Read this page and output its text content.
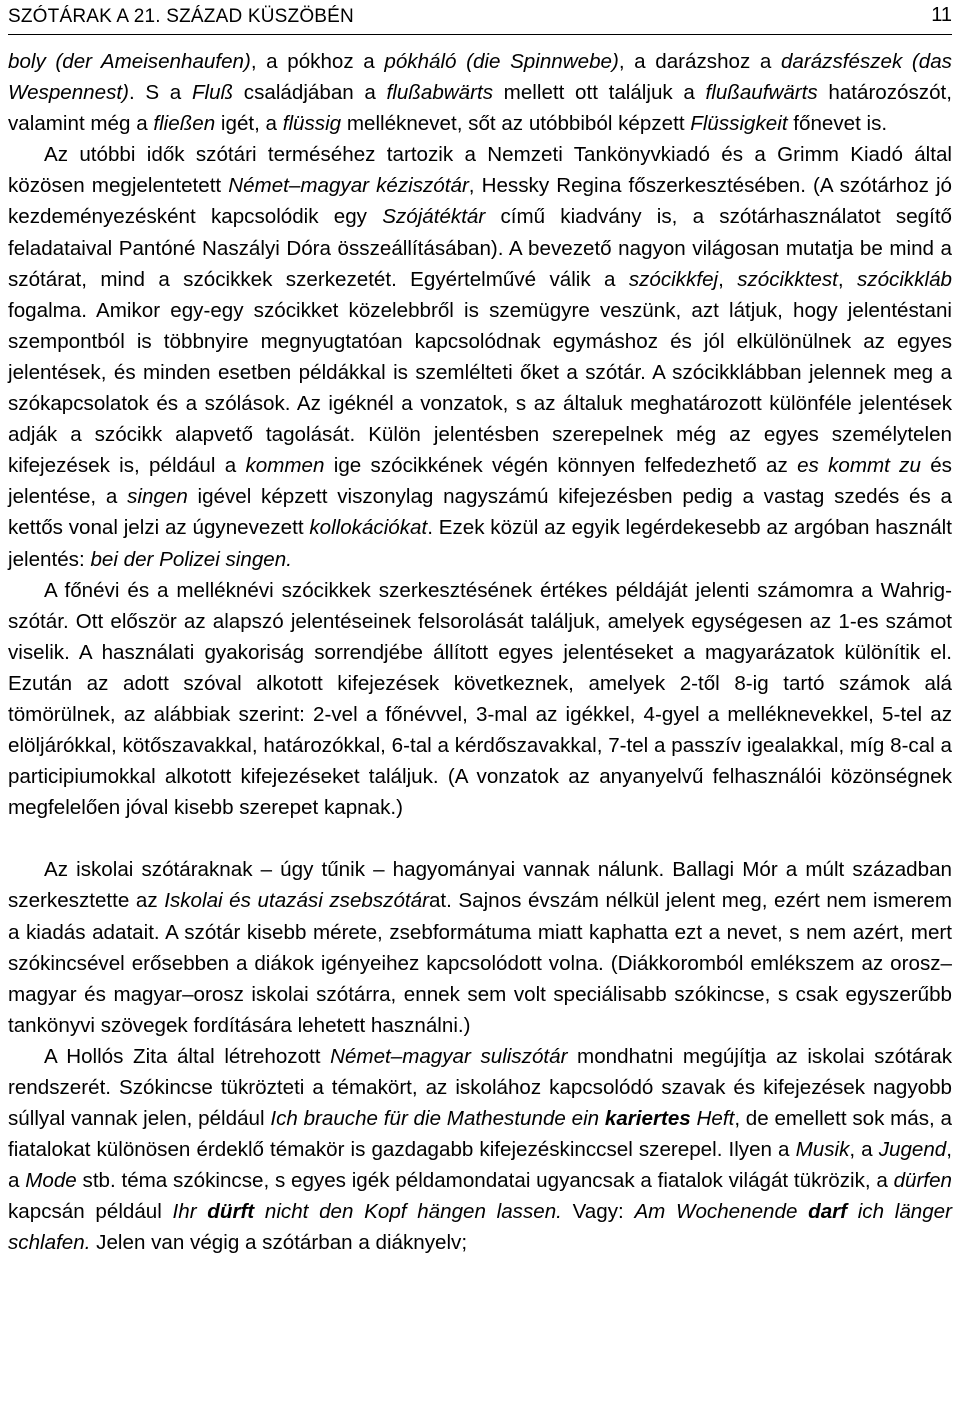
SZÓTÁRAK A 21. SZÁZAD KÜSZÖBÉN	11

boly (der Ameisenhaufen), a pókhoz a pókháló (die Spinnwebe), a darázshoz a darázsfészek (das Wespennest). S a Fluß családjában a flußabwärts mellett ott találjuk a flußaufwärts határozószót, valamint még a fließen igét, a flüssig melléknevet, sőt az utóbbiból képzett Flüssigkeit főnevet is.

Az utóbbi idők szótári terméséhez tartozik a Nemzeti Tankönyvkiadó és a Grimm Kiadó által közösen megjelentetett Német–magyar kéziszótár, Hessky Regina főszerkesztésében. (A szótárhoz jó kezdeményezésként kapcsolódik egy Szójátéktár című kiadvány is, a szótárhasználatot segítő feladataival Pantóné Naszályi Dóra összeállításában). A bevezető nagyon világosan mutatja be mind a szótárat, mind a szócikkek szerkezetét. Egyértelművé válik a szócikkfej, szócikktest, szócikkláb fogalma. Amikor egy-egy szócikket közelebbről is szemügyre veszünk, azt látjuk, hogy jelentéstani szempontból is többnyire megnyugtatóan kapcsolódnak egymáshoz és jól elkülönülnek az egyes jelentések, és minden esetben példákkal is szemlélteti őket a szótár. A szócikklábban jelennek meg a szókapcsolatok és a szólások. Az igéknél a vonzatok, s az általuk meghatározott különféle jelentések adják a szócikk alapvető tagolását. Külön jelentésben szerepelnek még az egyes személytelen kifejezések is, például a kommen ige szócikkének végén könnyen felfedezhető az es kommt zu és jelentése, a singen igével képzett viszonylag nagyszámú kifejezésben pedig a vastag szedés és a kettős vonal jelzi az úgynevezett kollokációkat. Ezek közül az egyik legérdekesebb az argóban használt jelentés: bei der Polizei singen.

A főnévi és a melléknévi szócikkek szerkesztésének értékes példáját jelenti számomra a Wahrig-szótár. Ott először az alapszó jelentéseinek felsorolását találjuk, amelyek egységesen az 1-es számot viselik. A használati gyakoriság sorrendjébe állított egyes jelentéseket a magyarázatok különítik el. Ezután az adott szóval alkotott kifejezések következnek, amelyek 2-től 8-ig tartó számok alá tömörülnek, az alábbiak szerint: 2-vel a főnévvel, 3-mal az igékkel, 4-gyel a melléknevekkel, 5-tel az elöljárókkal, kötőszavakkal, határozókkal, 6-tal a kérdőszavakkal, 7-tel a passzív igealakkal, míg 8-cal a participiumokkal alkotott kifejezéseket találjuk. (A vonzatok az anyanyelvű felhasználói közönségnek megfelelően jóval kisebb szerepet kapnak.)

Az iskolai szótáraknak – úgy tűnik – hagyományai vannak nálunk. Ballagi Mór a múlt században szerkesztette az Iskolai és utazási zsebszótárat. Sajnos évszám nélkül jelent meg, ezért nem ismerem a kiadás adatait. A szótár kisebb mérete, zsebformátuma miatt kaphatta ezt a nevet, s nem azért, mert szókincsével erősebben a diákok igényeihez kapcsolódott volna. (Diákkoromból emlékszem az orosz–magyar és magyar–orosz iskolai szótárra, ennek sem volt speciálisabb szókincse, s csak egyszerűbb tankönyvi szövegek fordítására lehetett használni.)

A Hollós Zita által létrehozott Német–magyar suliszótár mondhatni megújítja az iskolai szótárak rendszerét. Szókincse tükrözteti a témakört, az iskolához kapcsolódó szavak és kifejezések nagyobb súllyal vannak jelen, például Ich brauche für die Mathestunde ein kariertes Heft, de emellett sok más, a fiatalokat különösen érdeklő témakör is gazdagabb kifejezéskinccsel szerepel. Ilyen a Musik, a Jugend, a Mode stb. téma szókincse, s egyes igék példamondatai ugyancsak a fiatalok világát tükrözik, a dürfen kapcsán például Ihr dürft nicht den Kopf hängen lassen. Vagy: Am Wochenende darf ich länger schlafen. Jelen van végig a szótárban a diáknyelv;
